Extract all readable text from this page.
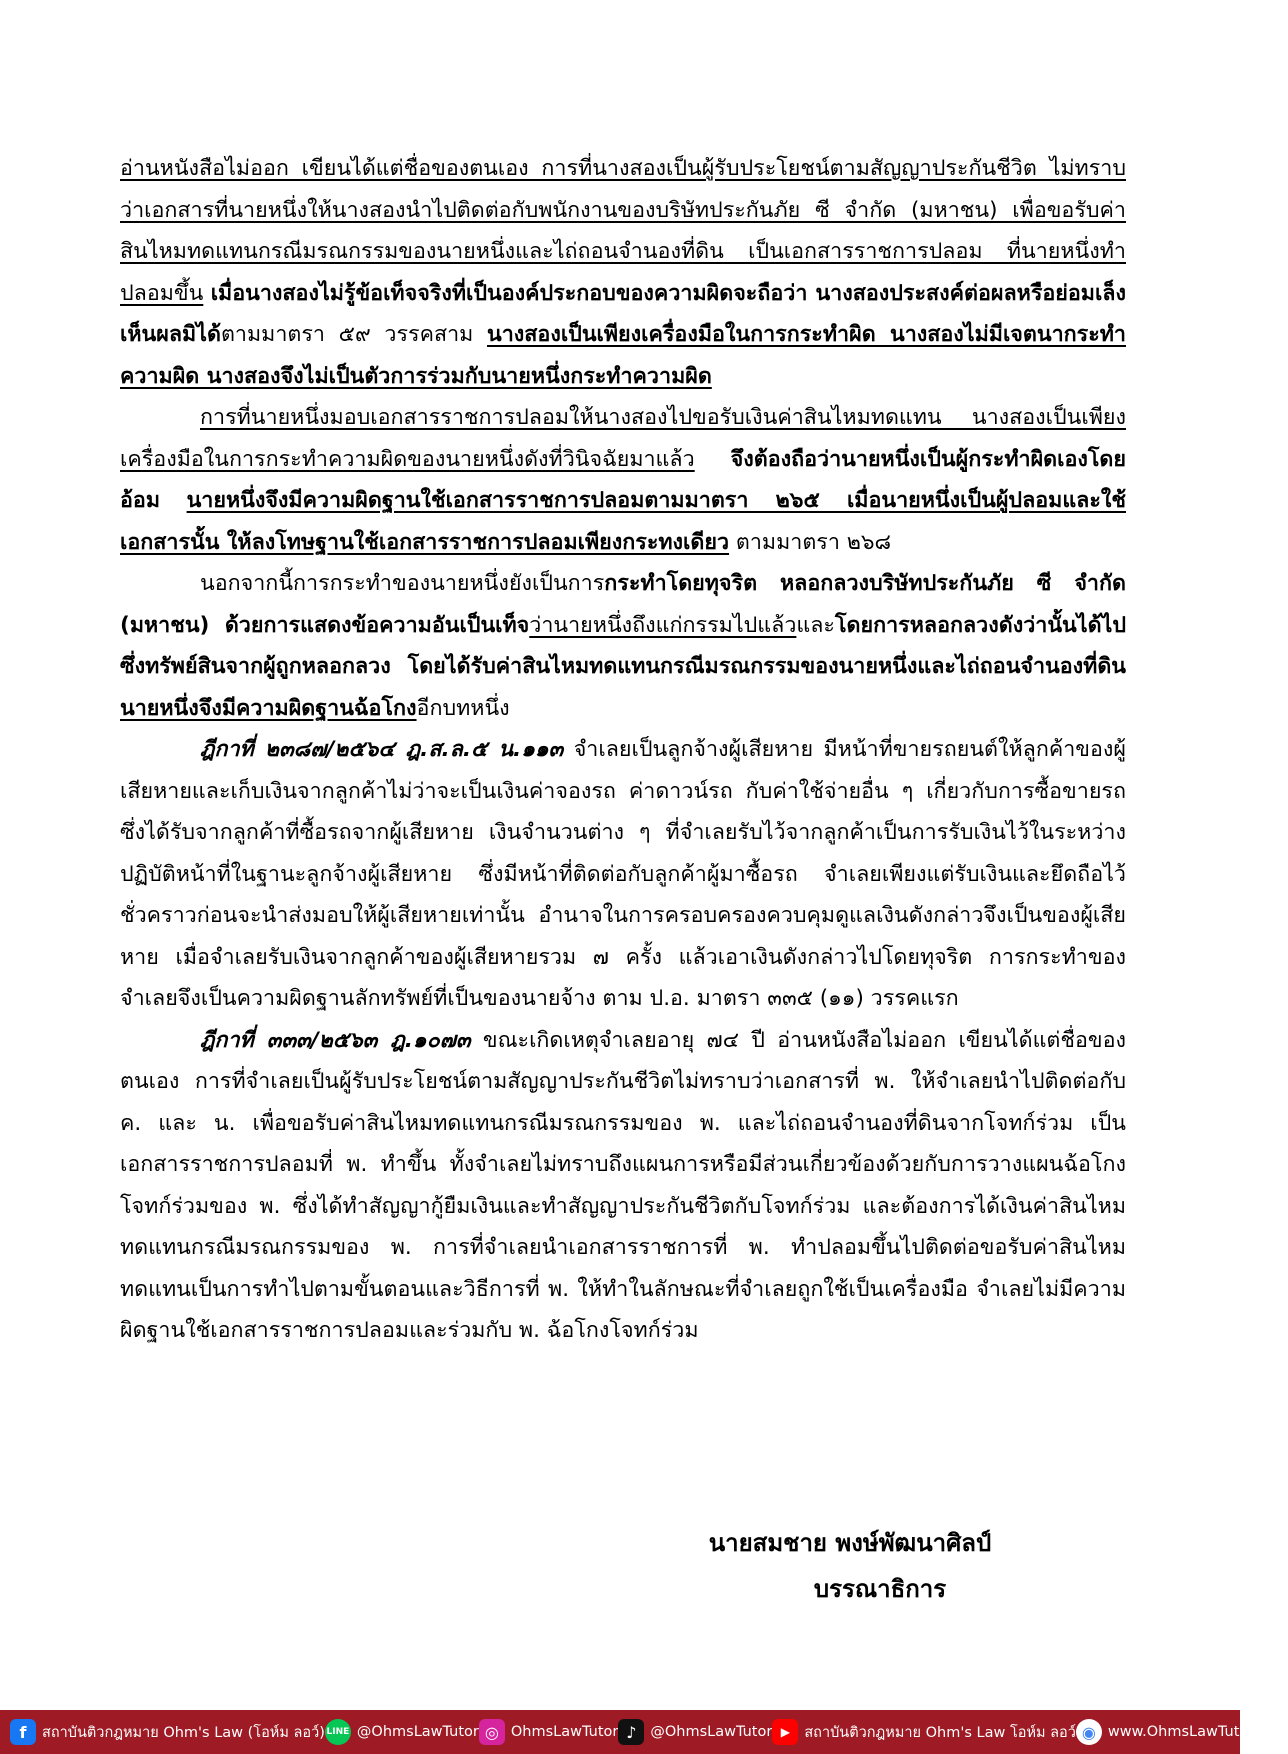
อ่านหนังสือไม่ออก เขียนได้แต่ชื่อของตนเอง การที่นางสองเป็นผู้รับประโยชน์ตามสัญญาประกันชีวิต ไม่ทราบว่าเอกสารที่นายหนึ่งให้นางสองนำไปติดต่อกับพนักงานของบริษัทประกันภัย ซี จำกัด (มหาชน) เพื่อขอรับค่าสินไหมทดแทนกรณีมรณกรรมของนายหนึ่งและไถ่ถอนจำนองที่ดิน เป็นเอกสารราชการปลอม ที่นายหนึ่งทำปลอมขึ้น เมื่อนางสองไม่รู้ข้อเท็จจริงที่เป็นองค์ประกอบของความผิดจะถือว่า นางสองประสงค์ต่อผลหรือย่อมเล็งเห็นผลมิได้ตามมาตรา ๕๙ วรรคสาม นางสองเป็นเพียงเครื่องมือในการกระทำผิด นางสองไม่มีเจตนากระทำความผิด นางสองจึงไม่เป็นตัวการร่วมกับนายหนึ่งกระทำความผิด

การที่นายหนึ่งมอบเอกสารราชการปลอมให้นางสองไปขอรับเงินค่าสินไหมทดแทน นางสองเป็นเพียงเครื่องมือในการกระทำความผิดของนายหนึ่งดังที่วินิจฉัยมาแล้ว จึงต้องถือว่านายหนึ่งเป็นผู้กระทำผิดเองโดยอ้อม นายหนึ่งจึงมีความผิดฐานใช้เอกสารราชการปลอมตามมาตรา ๒๖๕ เมื่อนายหนึ่งเป็นผู้ปลอมและใช้เอกสารนั้น ให้ลงโทษฐานใช้เอกสารราชการปลอมเพียงกระทงเดียว ตามมาตรา ๒๖๘

นอกจากนี้การกระทำของนายหนึ่งยังเป็นการกระทำโดยทุจริต หลอกลวงบริษัทประกันภัย ซี จำกัด (มหาชน) ด้วยการแสดงข้อความอันเป็นเท็จว่านายหนึ่งถึงแก่กรรมไปแล้วและโดยการหลอกลวงดังว่านั้นได้ไปซึ่งทรัพย์สินจากผู้ถูกหลอกลวง โดยได้รับค่าสินไหมทดแทนกรณีมรณกรรมของนายหนึ่งและไถ่ถอนจำนองที่ดิน นายหนึ่งจึงมีความผิดฐานฉ้อโกงอีกบทหนึ่ง

ฎีกาที่ ๒๓๘๗/๒๕๖๔ ฎ.ส.ล.๕ น.๑๑๓ จำเลยเป็นลูกจ้างผู้เสียหาย มีหน้าที่ขายรถยนต์ให้ลูกค้าของผู้เสียหายและเก็บเงินจากลูกค้าไม่ว่าจะเป็นเงินค่าจองรถ ค่าดาวน์รถ กับค่าใช้จ่ายอื่น ๆ เกี่ยวกับการซื้อขายรถซึ่งได้รับจากลูกค้าที่ซื้อรถจากผู้เสียหาย เงินจำนวนต่าง ๆ ที่จำเลยรับไว้จากลูกค้าเป็นการรับเงินไว้ในระหว่างปฏิบัติหน้าที่ในฐานะลูกจ้างผู้เสียหาย ซึ่งมีหน้าที่ติดต่อกับลูกค้าผู้มาซื้อรถ จำเลยเพียงแต่รับเงินและยึดถือไว้ชั่วคราวก่อนจะนำส่งมอบให้ผู้เสียหายเท่านั้น อำนาจในการครอบครองควบคุมดูแลเงินดังกล่าวจึงเป็นของผู้เสียหาย เมื่อจำเลยรับเงินจากลูกค้าของผู้เสียหายรวม ๗ ครั้ง แล้วเอาเงินดังกล่าวไปโดยทุจริต การกระทำของจำเลยจึงเป็นความผิดฐานลักทรัพย์ที่เป็นของนายจ้าง ตาม ป.อ. มาตรา ๓๓๕ (๑๑) วรรคแรก

ฎีกาที่ ๓๓๓/๒๕๖๓ ฎ.๑๐๗๓ ขณะเกิดเหตุจำเลยอายุ ๗๔ ปี อ่านหนังสือไม่ออก เขียนได้แต่ชื่อของตนเอง การที่จำเลยเป็นผู้รับประโยชน์ตามสัญญาประกันชีวิตไม่ทราบว่าเอกสารที่ พ. ให้จำเลยนำไปติดต่อกับ ค. และ น. เพื่อขอรับค่าสินไหมทดแทนกรณีมรณกรรมของ พ. และไถ่ถอนจำนองที่ดินจากโจทก์ร่วม เป็นเอกสารราชการปลอมที่ พ. ทำขึ้น ทั้งจำเลยไม่ทราบถึงแผนการหรือมีส่วนเกี่ยวข้องด้วยกับการวางแผนฉ้อโกงโจทก์ร่วมของ พ. ซึ่งได้ทำสัญญากู้ยืมเงินและทำสัญญาประกันชีวิตกับโจทก์ร่วม และต้องการได้เงินค่าสินไหมทดแทนกรณีมรณกรรมของ พ. การที่จำเลยนำเอกสารราชการที่ พ. ทำปลอมขึ้นไปติดต่อขอรับค่าสินไหมทดแทนเป็นการทำไปตามขั้นตอนและวิธีการที่ พ. ให้ทำในลักษณะที่จำเลยถูกใช้เป็นเครื่องมือ จำเลยไม่มีความผิดฐานใช้เอกสารราชการปลอมและร่วมกับ พ. ฉ้อโกงโจทก์ร่วม

นายสมชาย พงษ์พัฒนาศิลป์
บรรณาธิการ
f	สถาบันติวกฎหมาย Ohm's Law (โอห์ม ลอว์) LINE @OhmsLawTutor ◎ OhmsLawTutor ♪ @OhmsLawTutor ▶ สถาบันติวกฎหมาย Ohm's Law โอห์ม ลอว์ ◉ www.OhmsLawTutor.com
